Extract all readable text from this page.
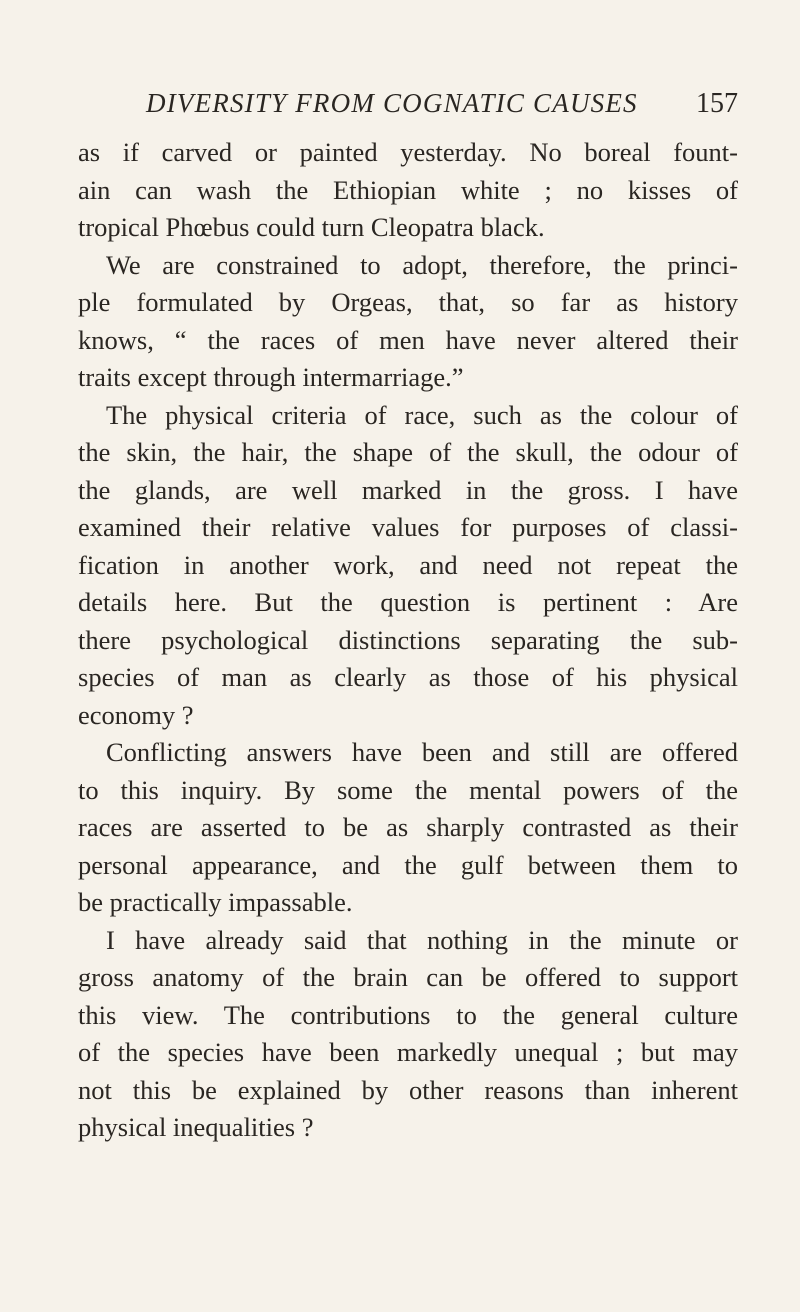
DIVERSITY FROM COGNATIC CAUSES 157
as if carved or painted yesterday. No boreal fount-
ain can wash the Ethiopian white ; no kisses of
tropical Phœbus could turn Cleopatra black.
We are constrained to adopt, therefore, the princi-
ple formulated by Orgeas, that, so far as history
knows, “ the races of men have never altered their
traits except through intermarriage.”
The physical criteria of race, such as the colour of
the skin, the hair, the shape of the skull, the odour of
the glands, are well marked in the gross. I have
examined their relative values for purposes of classi-
fication in another work, and need not repeat the
details here. But the question is pertinent : Are
there psychological distinctions separating the sub-
species of man as clearly as those of his physical
economy ?
Conflicting answers have been and still are offered
to this inquiry. By some the mental powers of the
races are asserted to be as sharply contrasted as their
personal appearance, and the gulf between them to
be practically impassable.
I have already said that nothing in the minute or
gross anatomy of the brain can be offered to support
this view. The contributions to the general culture
of the species have been markedly unequal ; but may
not this be explained by other reasons than inherent
physical inequalities ?
